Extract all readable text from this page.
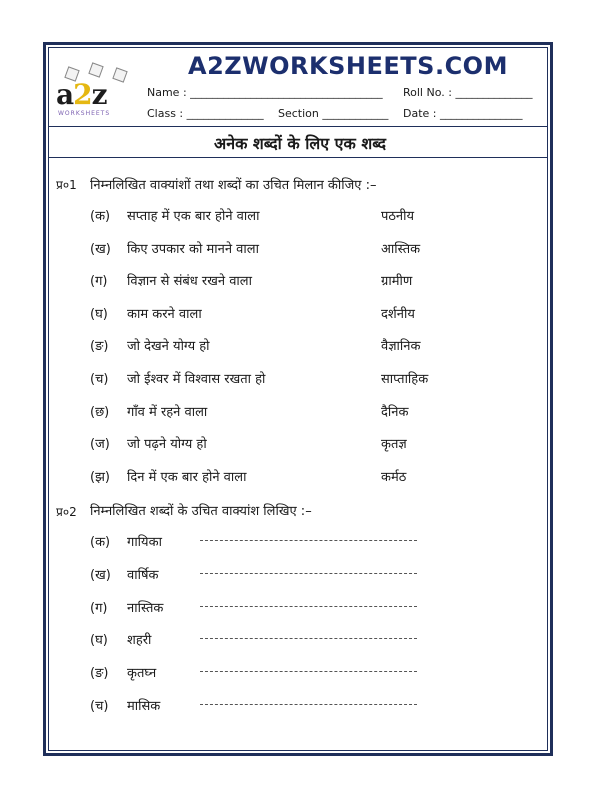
a2z
WORKSHEETS
A2ZWORKSHEETS.COM
Name : ___________________________________ Roll No. : ______________
Class : ______________ Section ____________ Date : _______________
अनेक शब्दों के लिए एक शब्द
प्र०1 निम्नलिखित वाक्यांशों तथा शब्दों का उचित मिलान कीजिए :–
(क) सप्ताह में एक बार होने वाला	पठनीय
(ख) किए उपकार को मानने वाला	आस्तिक
(ग) विज्ञान से संबंध रखने वाला	ग्रामीण
(घ) काम करने वाला	दर्शनीय
(ङ) जो देखने योग्य हो	वैज्ञानिक
(च) जो ईश्वर में विश्वास रखता हो	साप्ताहिक
(छ) गाँव में रहने वाला	दैनिक
(ज) जो पढ़ने योग्य हो	कृतज्ञ
(झ) दिन में एक बार होने वाला	कर्मठ
प्र०2 निम्नलिखित शब्दों के उचित वाक्यांश लिखिए :–
(क) गायिका
(ख) वार्षिक
(ग) नास्तिक
(घ) शहरी
(ङ) कृतघ्न
(च) मासिक
